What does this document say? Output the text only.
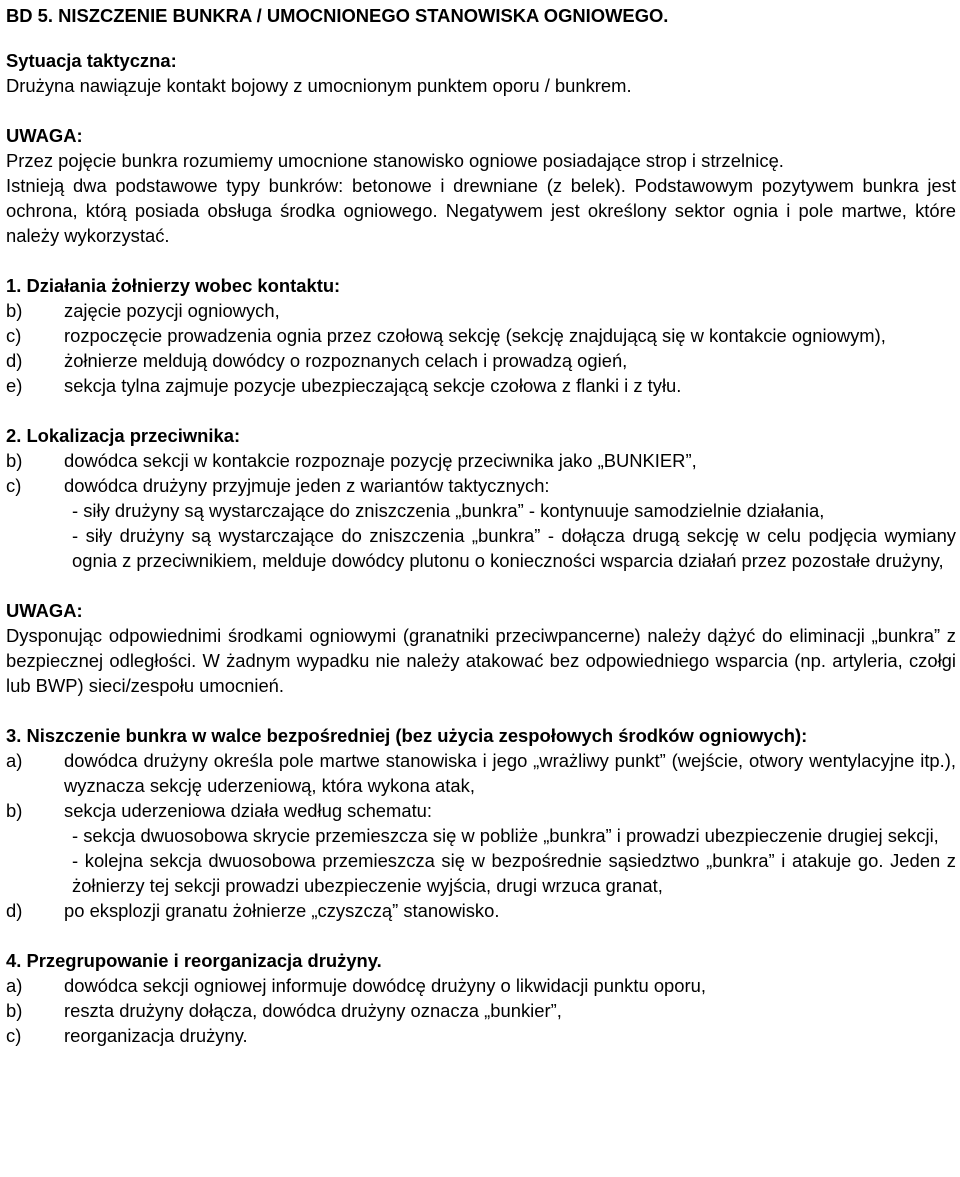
BD 5. NISZCZENIE BUNKRA / UMOCNIONEGO STANOWISKA OGNIOWEGO.
Sytuacja taktyczna:
Drużyna nawiązuje kontakt bojowy z umocnionym punktem oporu / bunkrem.
UWAGA:
Przez pojęcie bunkra rozumiemy umocnione stanowisko ogniowe posiadające strop i strzelnicę.
Istnieją dwa podstawowe typy bunkrów: betonowe i drewniane (z belek). Podstawowym pozytywem bunkra jest ochrona, którą posiada obsługa środka ogniowego. Negatywem jest określony sektor ognia i pole martwe, które należy wykorzystać.
1. Działania żołnierzy wobec kontaktu:
b)	zajęcie pozycji ogniowych,
c)	rozpoczęcie prowadzenia ognia przez czołową sekcję (sekcję znajdującą się w kontakcie ogniowym),
d)	żołnierze meldują dowódcy o rozpoznanych celach i prowadzą ogień,
e)	sekcja tylna zajmuje pozycje ubezpieczającą sekcje czołowa z flanki i z tyłu.
2. Lokalizacja przeciwnika:
b)	dowódca sekcji w kontakcie rozpoznaje pozycję przeciwnika jako „BUNKIER”,
c)	dowódca drużyny przyjmuje jeden z wariantów taktycznych:
- siły drużyny są wystarczające do zniszczenia „bunkra” - kontynuuje samodzielnie działania,
- siły drużyny są wystarczające do zniszczenia „bunkra” - dołącza drugą sekcję w celu podjęcia wymiany ognia z przeciwnikiem, melduje dowódcy plutonu o konieczności wsparcia działań przez pozostałe drużyny,
UWAGA:
Dysponując odpowiednimi środkami ogniowymi (granatniki przeciwpancerne) należy dążyć do eliminacji „bunkra” z bezpiecznej odległości. W żadnym wypadku nie należy atakować bez odpowiedniego wsparcia (np. artyleria, czołgi lub BWP) sieci/zespołu umocnień.
3. Niszczenie bunkra w walce bezpośredniej (bez użycia zespołowych środków ogniowych):
a)	dowódca drużyny określa pole martwe stanowiska i jego „wrażliwy punkt” (wejście, otwory wentylacyjne itp.), wyznacza sekcję uderzeniową, która wykona atak,
b)	sekcja uderzeniowa działa według schematu:
- sekcja dwuosobowa skrycie przemieszcza się w pobliże „bunkra” i prowadzi ubezpieczenie drugiej sekcji,
- kolejna sekcja dwuosobowa przemieszcza się w bezpośrednie sąsiedztwo „bunkra” i atakuje go. Jeden z żołnierzy tej sekcji prowadzi ubezpieczenie wyjścia, drugi wrzuca granat,
d)	po eksplozji granatu żołnierze „czyszczą” stanowisko.
4. Przegrupowanie i reorganizacja drużyny.
a)	dowódca sekcji ogniowej informuje dowódcę drużyny o likwidacji punktu oporu,
b)	reszta drużyny dołącza, dowódca drużyny oznacza „bunkier”,
c)	reorganizacja drużyny.
